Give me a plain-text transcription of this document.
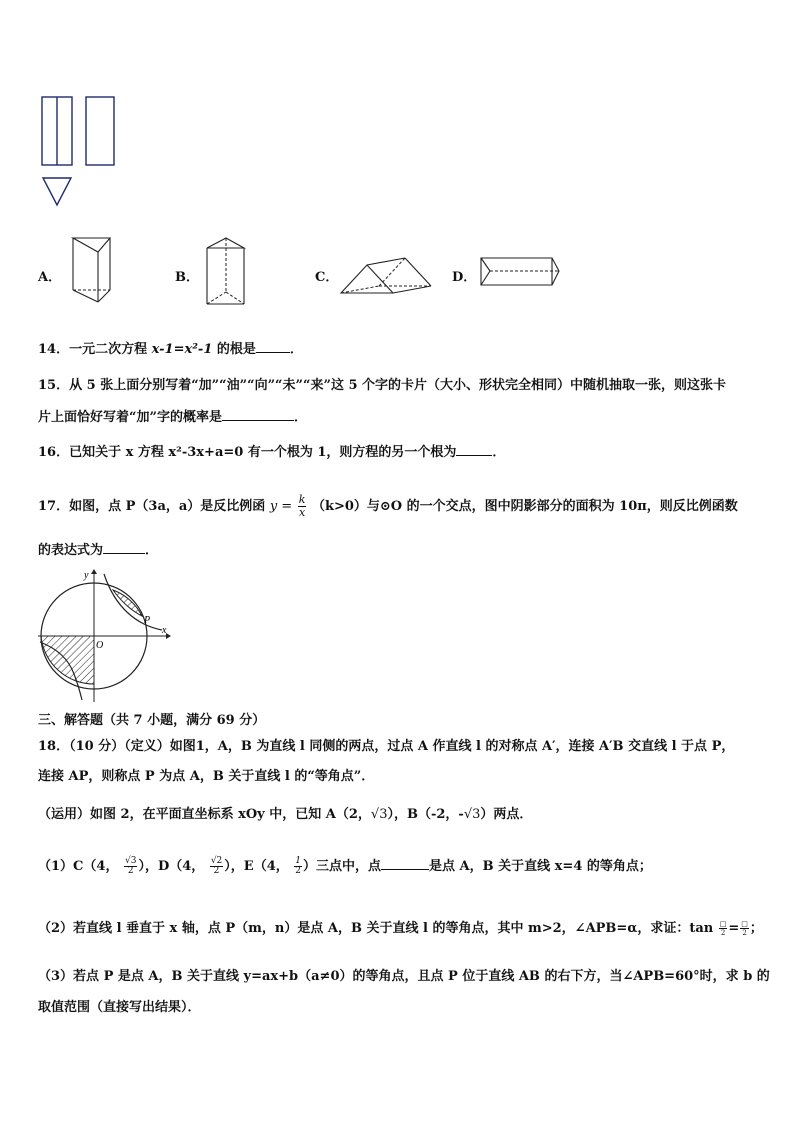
A．	B．	C．	D．
14．一元二次方程 x-1=x²-1 的根是	．
15．从 5 张上面分别写着“加”“油”“向”“未”“来”这 5 个字的卡片（大小、形状完全相同）中随机抽取一张，则这张卡
片上面恰好写着“加”字的概率是	．
16．已知关于 x 方程 x²-3x+a=0 有一个根为 1，则方程的另一个根为	．
17．如图，点 P（3a，a）是反比例函 $y = \frac{k}{x} (k>0)$与⊙O 的一个交点，图中阴影部分的面积为 10π，则反比例函数
的表达式为	．
y
x
O
P
三、解答题（共 7 小题，满分 69 分）
18．（10 分）（定义）如图1，A，B 为直线 l 同侧的两点，过点 A 作直线 l 的对称点 A′，连接 A′B 交直线 l 于点 P，
连接 AP，则称点 P 为点 A，B 关于直线 l 的“等角点”．
（运用）如图 2，在平面直坐标系 xOy 中，已知 A（2，√3），B（-2，-√3）两点．
（1）C（4， $\frac{√3}{2}$ ），D（4， $\frac{√2}{2}$ ），E（4， $\frac{1}{2}$ ）三点中，点	是点 A，B 关于直线 x=4 的等角点；
（2）若直线 l 垂直于 x 轴，点 P（m，n）是点 A，B 关于直线 l 的等角点，其中 m>2，∠APB=α，求证：$\tan \frac{□}{2} = \frac{□}{2}$ ；
（3）若点 P 是点 A，B 关于直线 y=ax+b（a≠0）的等角点，且点 P 位于直线 AB 的右下方，当∠APB=60°时，求 b 的
取值范围（直接写出结果）．
